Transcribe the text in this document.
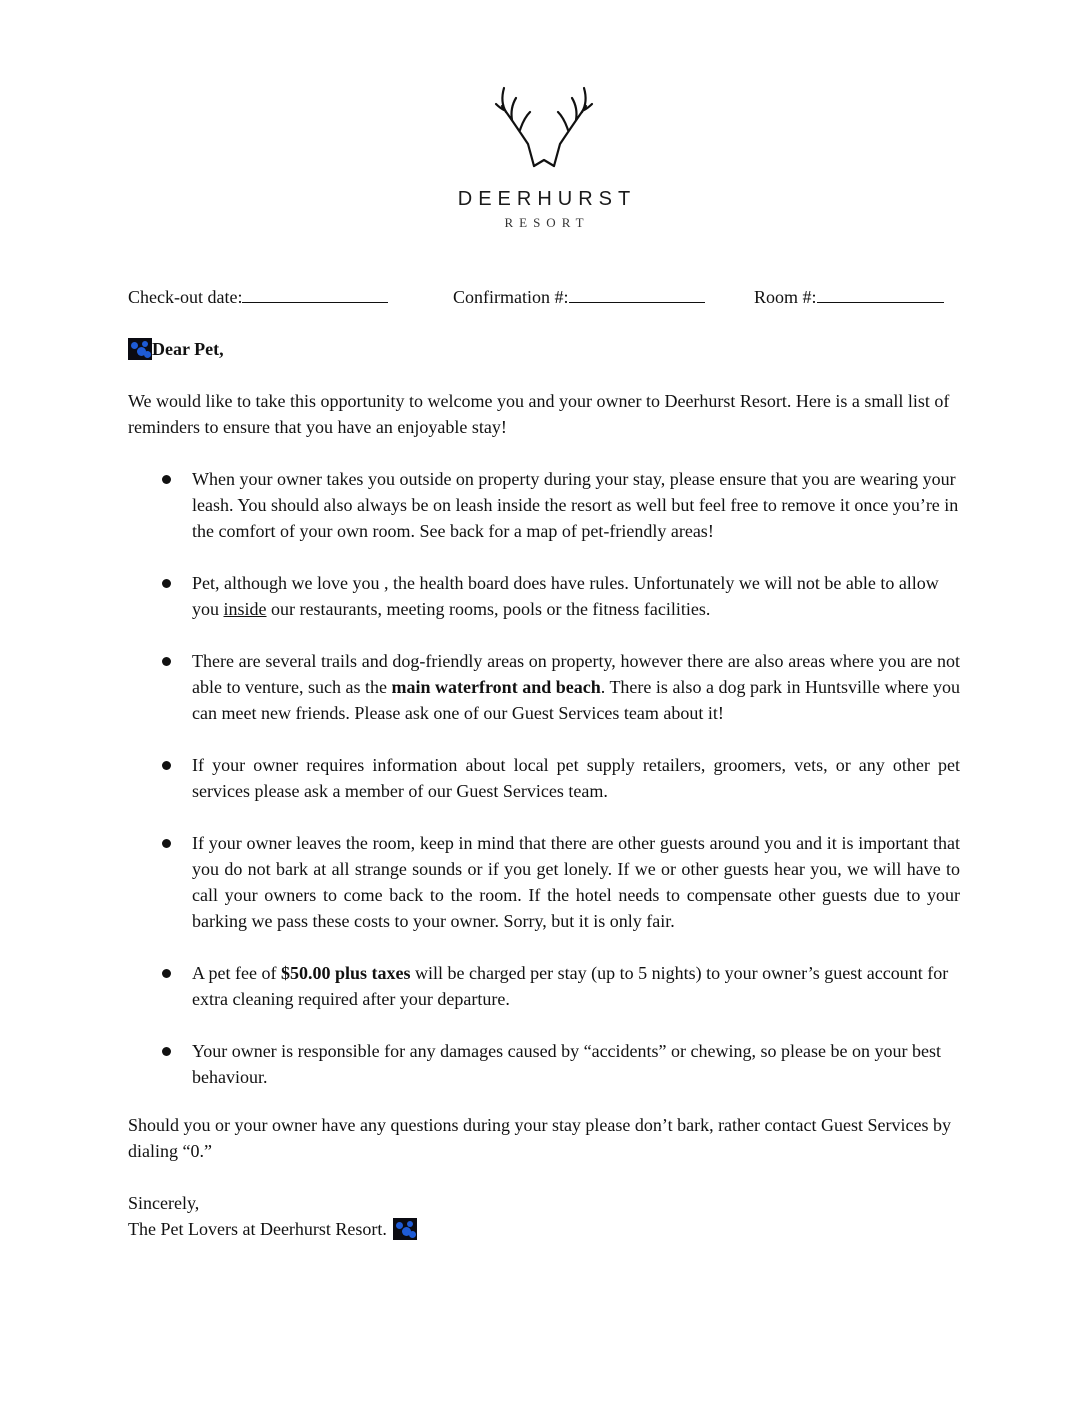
DEERHURST
RESORT
Check-out date:	Confirmation #:	Room #:
Dear Pet,
We would like to take this opportunity to welcome you and your owner to Deerhurst Resort. Here is a small list of reminders to ensure that you have an enjoyable stay!
When your owner takes you outside on property during your stay, please ensure that you are wearing your leash. You should also always be on leash inside the resort as well but feel free to remove it once you’re in the comfort of your own room. See back for a map of pet-friendly areas!
Pet, although we love you , the health board does have rules. Unfortunately we will not be able to allow you inside our restaurants, meeting rooms, pools or the fitness facilities.
There are several trails and dog-friendly areas on property, however there are also areas where you are not able to venture, such as the main waterfront and beach. There is also a dog park in Huntsville where you can meet new friends. Please ask one of our Guest Services team about it!
If your owner requires information about local pet supply retailers, groomers, vets, or any other pet services please ask a member of our Guest Services team.
If your owner leaves the room, keep in mind that there are other guests around you and it is important that you do not bark at all strange sounds or if you get lonely. If we or other guests hear you, we will have to call your owners to come back to the room. If the hotel needs to compensate other guests due to your barking we pass these costs to your owner. Sorry, but it is only fair.
A pet fee of $50.00 plus taxes will be charged per stay (up to 5 nights) to your owner’s guest account for extra cleaning required after your departure.
Your owner is responsible for any damages caused by “accidents” or chewing, so please be on your best behaviour.
Should you or your owner have any questions during your stay please don’t bark, rather contact Guest Services by dialing “0.”
Sincerely,
The Pet Lovers at Deerhurst Resort.
